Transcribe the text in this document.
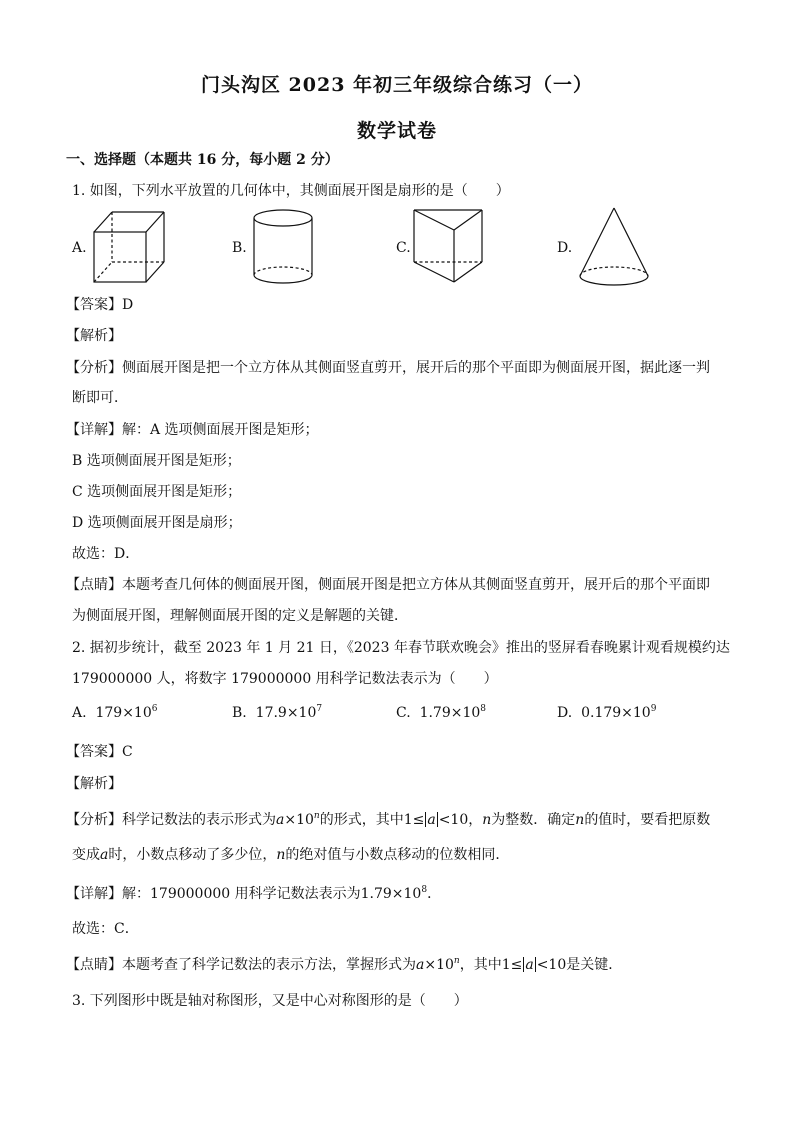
门头沟区 2023 年初三年级综合练习（一）
数学试卷
一、选择题（本题共 16 分，每小题 2 分）
1. 如图，下列水平放置的几何体中，其侧面展开图是扇形的是（　　）
A.	B.	C.	D.
【答案】D
【解析】
【分析】侧面展开图是把一个立方体从其侧面竖直剪开，展开后的那个平面即为侧面展开图，据此逐一判
断即可．
【详解】解：A 选项侧面展开图是矩形；
B 选项侧面展开图是矩形；
C 选项侧面展开图是矩形；
D 选项侧面展开图是扇形；
故选：D．
【点睛】本题考查几何体的侧面展开图，侧面展开图是把立方体从其侧面竖直剪开，展开后的那个平面即
为侧面展开图，理解侧面展开图的定义是解题的关键．
2. 据初步统计，截至 2023 年 1 月 21 日，《2023 年春节联欢晚会》推出的竖屏看春晚累计观看规模约达
179000000 人，将数字 179000000 用科学记数法表示为（　　）
A. $179\times 10^6$	B. $17.9\times 10^7$	C. $1.79\times 10^8$	D. $0.179\times 10^9$
【答案】C
【解析】
【分析】科学记数法的表示形式为$a\times 10^n$的形式，其中1≤ a <10，n为整数．确定n的值时，要看把原数
变成a时，小数点移动了多少位，n的绝对值与小数点移动的位数相同．
【详解】解：179000000 用科学记数法表示为$1.79\times 10^8$．
故选：C．
【点睛】本题考查了科学记数法的表示方法，掌握形式为$a\times 10^n$，其中1≤ a <10是关键．
3. 下列图形中既是轴对称图形，又是中心对称图形的是（　　）
